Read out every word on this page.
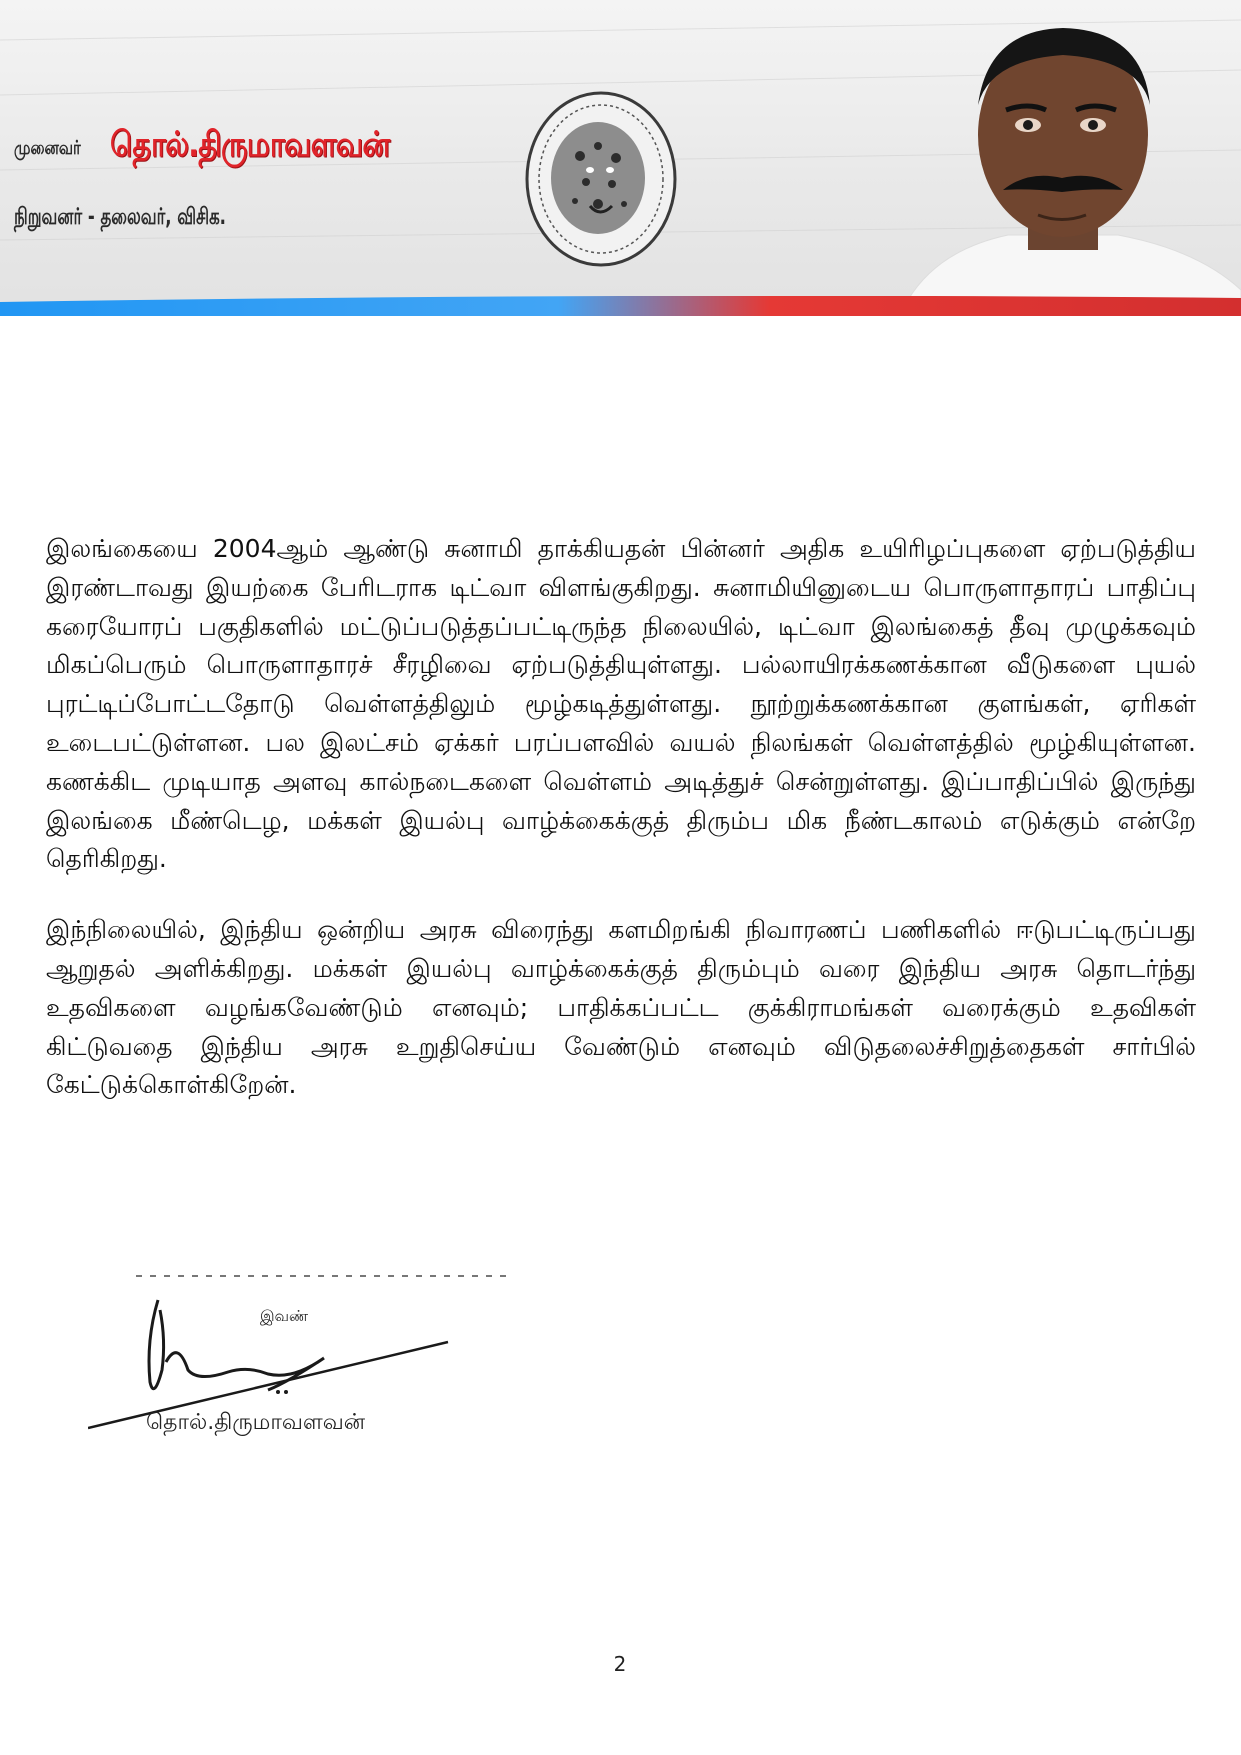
முனைவர் தொல்.திருமாவளவன்
நிறுவனர் - தலைவர், விசிக.

இலங்கையை 2004ஆம் ஆண்டு சுனாமி தாக்கியதன் பின்னர் அதிக உயிரிழப்புகளை ஏற்படுத்திய இரண்டாவது இயற்கை பேரிடராக டிட்வா விளங்குகிறது. சுனாமியினுடைய பொருளாதாரப் பாதிப்பு கரையோரப் பகுதிகளில் மட்டுப்படுத்தப்பட்டிருந்த நிலையில், டிட்வா இலங்கைத் தீவு முழுக்கவும் மிகப்பெரும் பொருளாதாரச் சீரழிவை ஏற்படுத்தியுள்ளது. பல்லாயிரக்கணக்கான வீடுகளை புயல் புரட்டிப்போட்டதோடு வெள்ளத்திலும் மூழ்கடித்துள்ளது. நூற்றுக்கணக்கான குளங்கள், ஏரிகள் உடைபட்டுள்ளன. பல இலட்சம் ஏக்கர் பரப்பளவில் வயல் நிலங்கள் வெள்ளத்தில் மூழ்கியுள்ளன. கணக்கிட முடியாத அளவு கால்நடைகளை வெள்ளம் அடித்துச் சென்றுள்ளது. இப்பாதிப்பில் இருந்து இலங்கை மீண்டெழ, மக்கள் இயல்பு வாழ்க்கைக்குத் திரும்ப மிக நீண்டகாலம் எடுக்கும் என்றே தெரிகிறது.

இந்நிலையில், இந்திய ஒன்றிய அரசு விரைந்து களமிறங்கி நிவாரணப் பணிகளில் ஈடுபட்டிருப்பது ஆறுதல் அளிக்கிறது. மக்கள் இயல்பு வாழ்க்கைக்குத் திரும்பும் வரை இந்திய அரசு தொடர்ந்து உதவிகளை வழங்கவேண்டும் எனவும்; பாதிக்கப்பட்ட குக்கிராமங்கள் வரைக்கும் உதவிகள் கிட்டுவதை இந்திய அரசு உறுதிசெய்ய வேண்டும் எனவும் விடுதலைச்சிறுத்தைகள் சார்பில் கேட்டுக்கொள்கிறேன்.

இவண்
தொல்.திருமாவளவன்
2
